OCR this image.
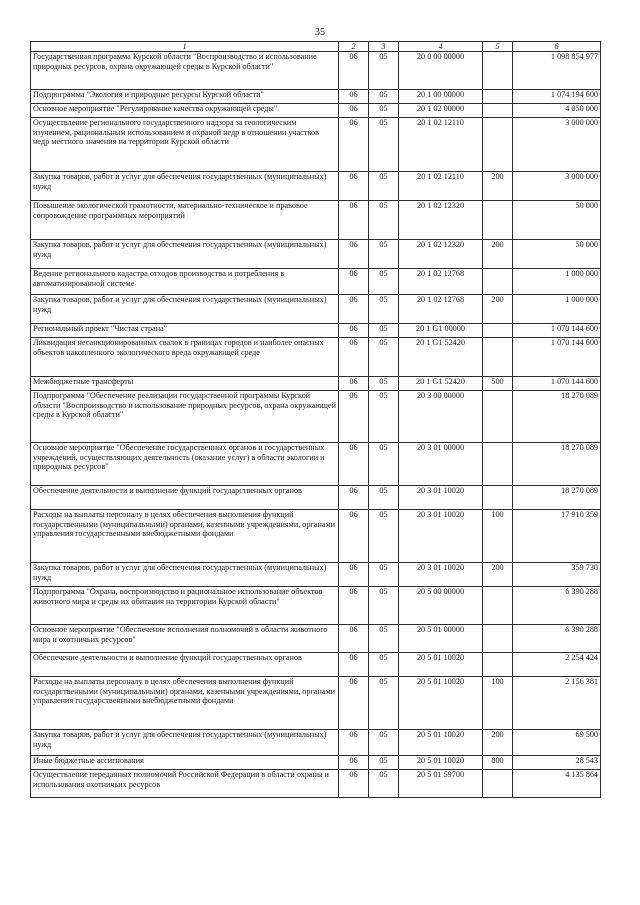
35
1	2	3	4	5	6
Государственная программа Курской области "Воспроизводство и использование природных ресурсов, охрана окружающей среды в Курской области"	06	05	20 0 00 00000		1 098 854 977
Подпрограмма "Экология и природные ресурсы Курской области"	06	05	20 1 00 00000		1 074 194 600
Основное мероприятие "Регулирование качества окружающей среды"	06	05	20 1 02 00000		4 050 000
Осуществление регионального государственного надзора за геологическим изучением, рациональным использованием и охраной недр в отношении участков недр местного значения на территории Курской области	06	05	20 1 02 12110		3 000 000
Закупка товаров, работ и услуг для обеспечения государственных (муниципальных) нужд	06	05	20 1 02 12110	200	3 000 000
Повышение экологической грамотности, материально-техническое и правовое сопровождение программных мероприятий	06	05	20 1 02 12320		50 000
Закупка товаров, работ и услуг для обеспечения государственных (муниципальных) нужд	06	05	20 1 02 12320	200	50 000
Ведение регионального кадастра отходов производства и потребления в автоматизированной системе	06	05	20 1 02 12768		1 000 000
Закупка товаров, работ и услуг для обеспечения государственных (муниципальных) нужд	06	05	20 1 02 12768	200	1 000 000
Региональный проект "Чистая страна"	06	05	20 1 G1 00000		1 070 144 600
Ликвидация несанкционированных свалок в границах городов и наиболее опасных объектов накопленного экологического вреда окружающей среде	06	05	20 1 G1 52420		1 070 144 600
Межбюджетные трансферты	06	05	20 1 G1 52420	500	1 070 144 600
Подпрограмма "Обеспечение реализации государственной программы Курской области "Воспроизводство и использование природных ресурсов, охрана окружающей среды в Курской области"	06	05	20 3 00 00000		18 270 089
Основное мероприятие "Обеспечение государственных органов и государственных учреждений, осуществляющих деятельность (оказание услуг) в области экологии и природных ресурсов"	06	05	20 3 01 00000		18 270 089
Обеспечение деятельности и выполнение функций государственных органов	06	05	20 3 01 10020		18 270 089
Расходы на выплаты персоналу в целях обеспечения выполнения функций государственными (муниципальными) органами, казенными учреждениями, органами управления государственными внебюджетными фондами	06	05	20 3 01 10020	100	17 910 359
Закупка товаров, работ и услуг для обеспечения государственных (муниципальных) нужд	06	05	20 3 01 10020	200	359 730
Подпрограмма "Охрана, воспроизводство и рациональное использование объектов животного мира и среды их обитания на территории Курской области"	06	05	20 5 00 00000		6 390 288
Основное мероприятие "Обеспечение исполнения полномочий в области животного мира и охотничьих ресурсов"	06	05	20 5 01 00000		6 390 288
Обеспечение деятельности и выполнение функций государственных органов	06	05	20 5 01 10020		2 254 424
Расходы на выплаты персоналу в целях обеспечения выполнения функций государственными (муниципальными) органами, казенными учреждениями, органами управления государственными внебюджетными фондами	06	05	20 5 01 10020	100	2 156 381
Закупка товаров, работ и услуг для обеспечения государственных (муниципальных) нужд	06	05	20 5 01 10020	200	69 500
Иные бюджетные ассигнования	06	05	20 5 01 10020	800	28 543
Осуществление переданных полномочий Российской Федерации в области охраны и использования охотничьих ресурсов	06	05	20 5 01 59700		4 135 864
